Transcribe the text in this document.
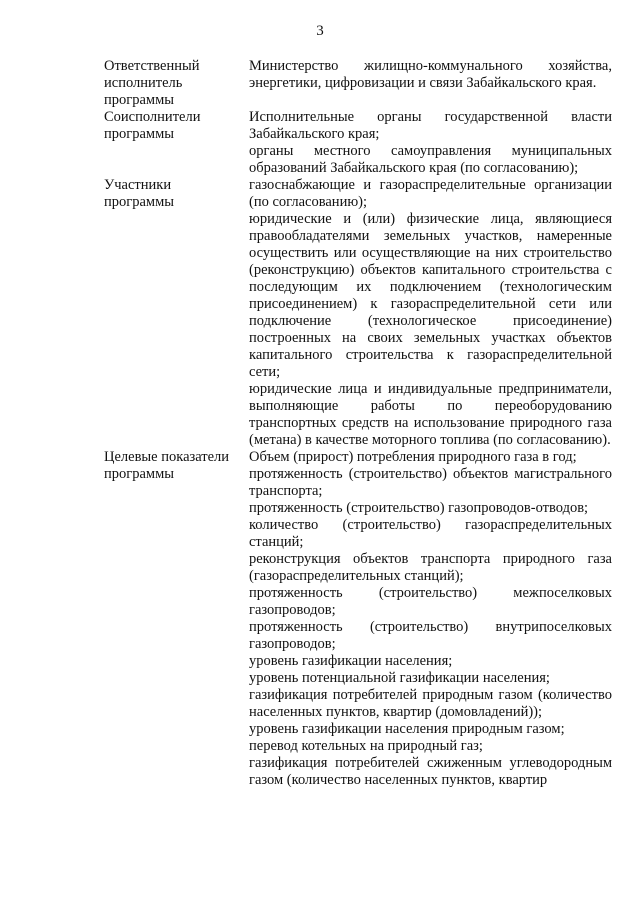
3
Ответственный
исполнитель
программы
Министерство жилищно-коммунального хозяйства, энергетики, цифровизации и связи Забайкальского края.
Соисполнители
программы
Исполнительные органы государственной власти Забайкальского края;
органы местного самоуправления муниципальных образований Забайкальского края (по согласованию);
Участники
программы
газоснабжающие и газораспределительные организации (по согласованию);
юридические и (или) физические лица, являющиеся правообладателями земельных участков, намеренные осуществить или осуществляющие на них строительство (реконструкцию) объектов капитального строительства с последующим их подключением (технологическим присоединением) к газораспределительной сети или подключение (технологическое присоединение) построенных на своих земельных участках объектов капитального строительства к газораспределительной сети;
юридические лица и индивидуальные предприниматели, выполняющие работы по переоборудованию транспортных средств на использование природного газа (метана) в качестве моторного топлива (по согласованию).
Целевые показатели
программы
Объем (прирост) потребления природного газа в год;
протяженность (строительство) объектов магистрального транспорта;
протяженность (строительство) газопроводов-отводов;
количество (строительство) газораспределительных станций;
реконструкция объектов транспорта природного газа (газораспределительных станций);
протяженность (строительство) межпоселковых газопроводов;
протяженность (строительство) внутрипоселковых газопроводов;
уровень газификации населения;
уровень потенциальной газификации населения;
газификация потребителей природным газом (количество населенных пунктов, квартир (домовладений));
уровень газификации населения природным газом;
перевод котельных на природный газ;
газификация потребителей сжиженным углеводородным газом (количество населенных пунктов, квартир
